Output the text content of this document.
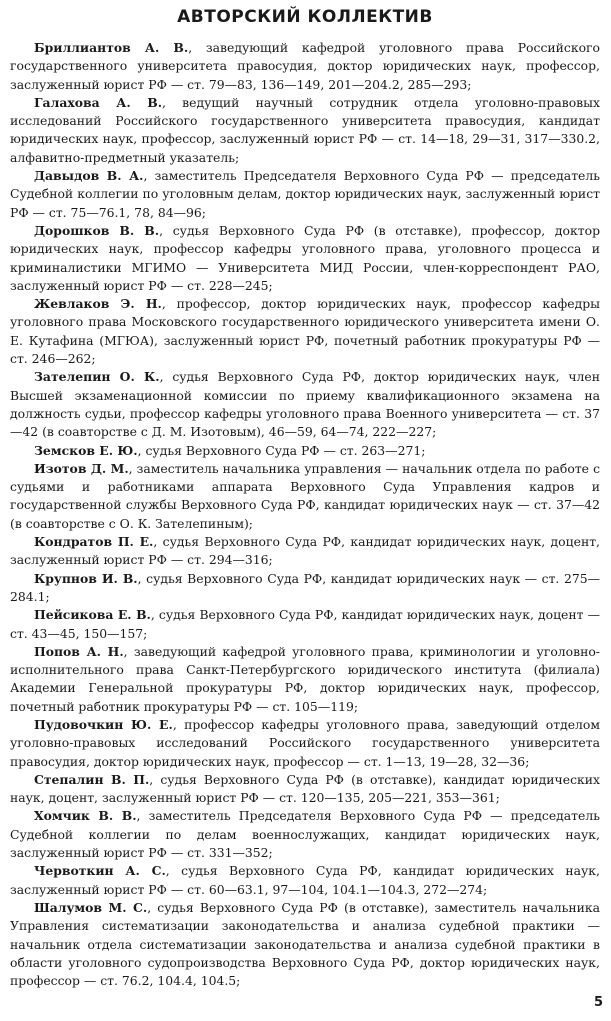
АВТОРСКИЙ КОЛЛЕКТИВ

Бриллиантов А. В., заведующий кафедрой уголовного права Российского государственного университета правосудия, доктор юридических наук, профессор, заслуженный юрист РФ — ст. 79—83, 136—149, 201—204.2, 285—293;

Галахова А. В., ведущий научный сотрудник отдела уголовно-правовых исследований Российского государственного университета правосудия, кандидат юридических наук, профессор, заслуженный юрист РФ — ст. 14—18, 29—31, 317—330.2, алфавитно-предметный указатель;

Давыдов В. А., заместитель Председателя Верховного Суда РФ — председатель Судебной коллегии по уголовным делам, доктор юридических наук, заслуженный юрист РФ — ст. 75—76.1, 78, 84—96;

Дорошков В. В., судья Верховного Суда РФ (в отставке), профессор, доктор юридических наук, профессор кафедры уголовного права, уголовного процесса и криминалистики МГИМО — Университета МИД России, член-корреспондент РАО, заслуженный юрист РФ — ст. 228—245;

Жевлаков Э. Н., профессор, доктор юридических наук, профессор кафедры уголовного права Московского государственного юридического университета имени О. Е. Кутафина (МГЮА), заслуженный юрист РФ, почетный работник прокуратуры РФ — ст. 246—262;

Зателепин О. К., судья Верховного Суда РФ, доктор юридических наук, член Высшей экзаменационной комиссии по приему квалификационного экзамена на должность судьи, профессор кафедры уголовного права Военного университета — ст. 37—42 (в соавторстве с Д. М. Изотовым), 46—59, 64—74, 222—227;

Земсков Е. Ю., судья Верховного Суда РФ — ст. 263—271;

Изотов Д. М., заместитель начальника управления — начальник отдела по работе с судьями и работниками аппарата Верховного Суда Управления кадров и государственной службы Верховного Суда РФ, кандидат юридических наук — ст. 37—42 (в соавторстве с О. К. Зателепиным);

Кондратов П. Е., судья Верховного Суда РФ, кандидат юридических наук, доцент, заслуженный юрист РФ — ст. 294—316;

Крупнов И. В., судья Верховного Суда РФ, кандидат юридических наук — ст. 275—284.1;

Пейсикова Е. В., судья Верховного Суда РФ, кандидат юридических наук, доцент — ст. 43—45, 150—157;

Попов А. Н., заведующий кафедрой уголовного права, криминологии и уголовно-исполнительного права Санкт-Петербургского юридического института (филиала) Академии Генеральной прокуратуры РФ, доктор юридических наук, профессор, почетный работник прокуратуры РФ — ст. 105—119;

Пудовочкин Ю. Е., профессор кафедры уголовного права, заведующий отделом уголовно-правовых исследований Российского государственного университета правосудия, доктор юридических наук, профессор — ст. 1—13, 19—28, 32—36;

Степалин В. П., судья Верховного Суда РФ (в отставке), кандидат юридических наук, доцент, заслуженный юрист РФ — ст. 120—135, 205—221, 353—361;

Хомчик В. В., заместитель Председателя Верховного Суда РФ — председатель Судебной коллегии по делам военнослужащих, кандидат юридических наук, заслуженный юрист РФ — ст. 331—352;

Червоткин А. С., судья Верховного Суда РФ, кандидат юридических наук, заслуженный юрист РФ — ст. 60—63.1, 97—104, 104.1—104.3, 272—274;

Шалумов М. С., судья Верховного Суда РФ (в отставке), заместитель начальника Управления систематизации законодательства и анализа судебной практики — начальник отдела систематизации законодательства и анализа судебной практики в области уголовного судопроизводства Верховного Суда РФ, доктор юридических наук, профессор — ст. 76.2, 104.4, 104.5;

5
